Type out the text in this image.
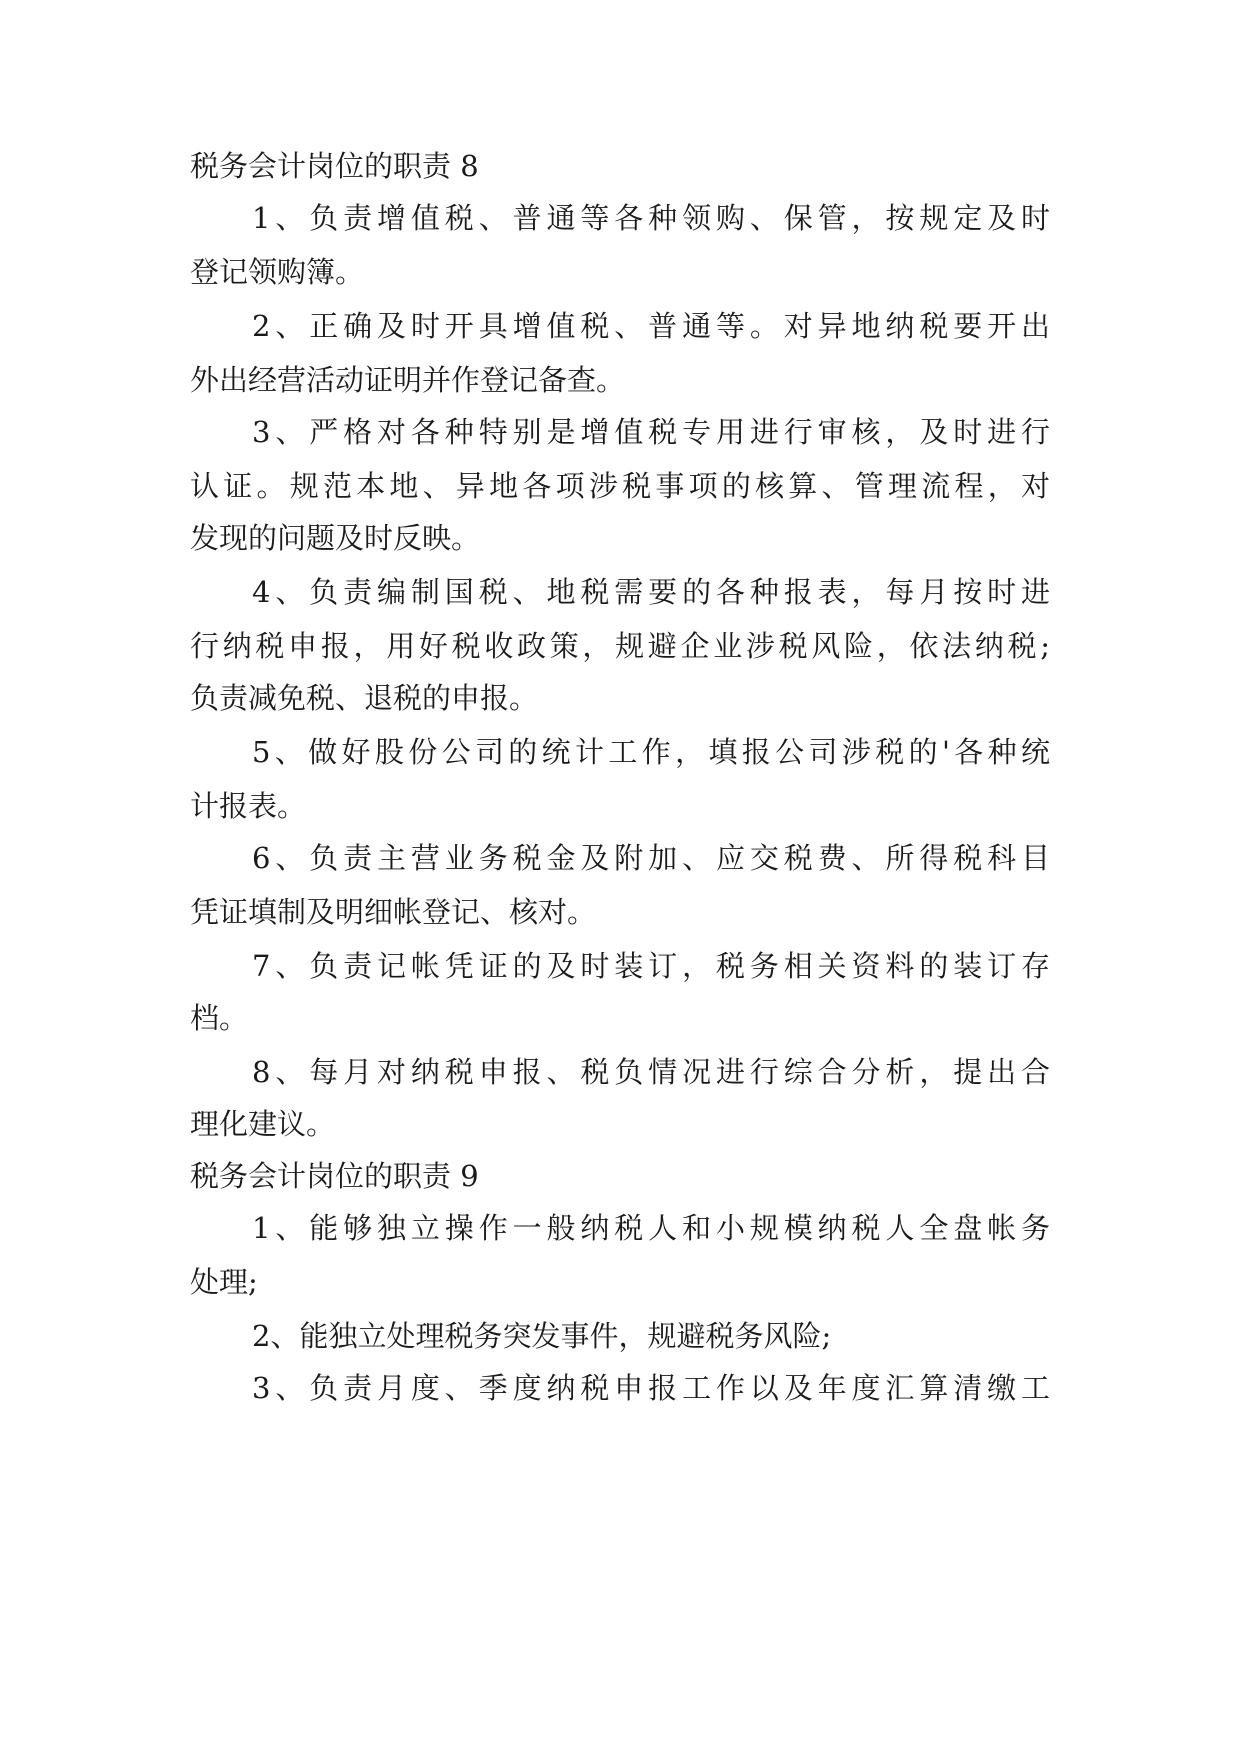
税务会计岗位的职责 8
1、负责增值税、普通等各种领购、保管，按规定及时
登记领购簿。
2、正确及时开具增值税、普通等。对异地纳税要开出
外出经营活动证明并作登记备查。
3、严格对各种特别是增值税专用进行审核，及时进行
认证。规范本地、异地各项涉税事项的核算、管理流程，对
发现的问题及时反映。
4、负责编制国税、地税需要的各种报表，每月按时进
行纳税申报，用好税收政策，规避企业涉税风险，依法纳税;
负责减免税、退税的申报。
5、做好股份公司的统计工作，填报公司涉税的'各种统
计报表。
6、负责主营业务税金及附加、应交税费、所得税科目
凭证填制及明细帐登记、核对。
7、负责记帐凭证的及时装订，税务相关资料的装订存
档。
8、每月对纳税申报、税负情况进行综合分析，提出合
理化建议。
税务会计岗位的职责 9
1、能够独立操作一般纳税人和小规模纳税人全盘帐务
处理;
2、能独立处理税务突发事件，规避税务风险;
3、负责月度、季度纳税申报工作以及年度汇算清缴工
